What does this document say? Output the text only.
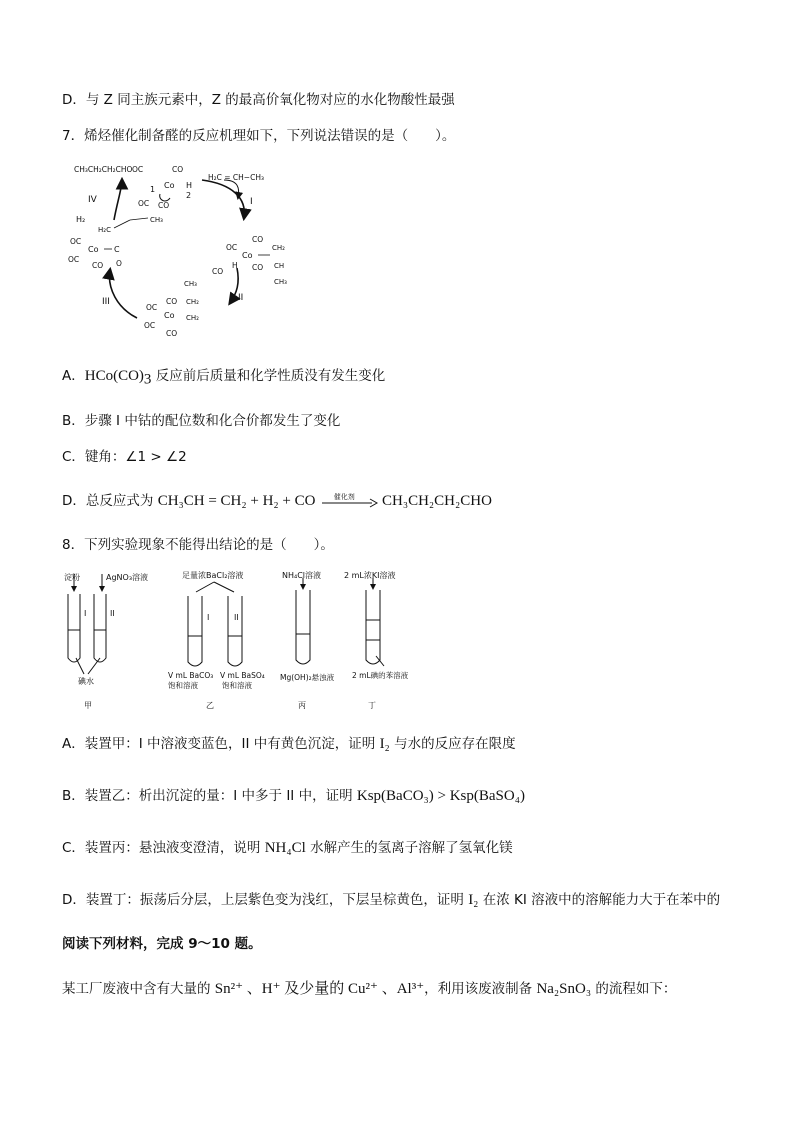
D．与 Z 同主族元素中，Z 的最高价氧化物对应的水化物酸性最强
7．烯烃催化制备醛的反应机理如下，下列说法错误的是（　　）。
CH₃CH₂CH₂CHO
H₂C = CH−CH₃
H₂
IV	I
II
III
OC	CO
Co H
OC CO
1
2
H₂C
CH₃
OC
Co C
O
OC
CO
OC
CO
Co
H CO
CH₂
CH
CH₃
CO
CH₃
OC
CO
Co
CH₂
CH₂
OC
CO
A．$HCo(CO)_3$ 反应前后质量和化学性质没有发生变化
B．步骤 I 中钴的配位数和化合价都发生了变化
C．键角：∠1 > ∠2
D．总反应式为 CH₃CH = CH₂ + H₂ + CO	催化剂 CH₃CH₂CH₂CHO
8．下列实验现象不能得出结论的是（　　）。
淀粉	AgNO₃溶液
I	II
碘水
甲
足量浓BaCl₂溶液
I	II
V mL BaCO₃
饱和溶液
V mL BaSO₄
饱和溶液
乙
NH₄Cl溶液
Mg(OH)₂悬浊液
丙
2 mL浓KI溶液
2 mL碘的苯溶液
丁
A．装置甲：I 中溶液变蓝色，II 中有黄色沉淀，证明 I₂ 与水的反应存在限度
B．装置乙：析出沉淀的量：I 中多于 II 中，证明 Ksp(BaCO₃) > Ksp(BaSO₄)
C．装置丙：悬浊液变澄清，说明 NH₄Cl 水解产生的氢离子溶解了氢氧化镁
D．装置丁：振荡后分层，上层紫色变为浅红，下层呈棕黄色，证明 I₂ 在浓 KI 溶液中的溶解能力大于在苯中的
阅读下列材料，完成 9～10 题。
某工厂废液中含有大量的 Sn²⁺ 、H⁺ 及少量的 Cu²⁺ 、Al³⁺，利用该废液制备 Na₂SnO₃ 的流程如下：
